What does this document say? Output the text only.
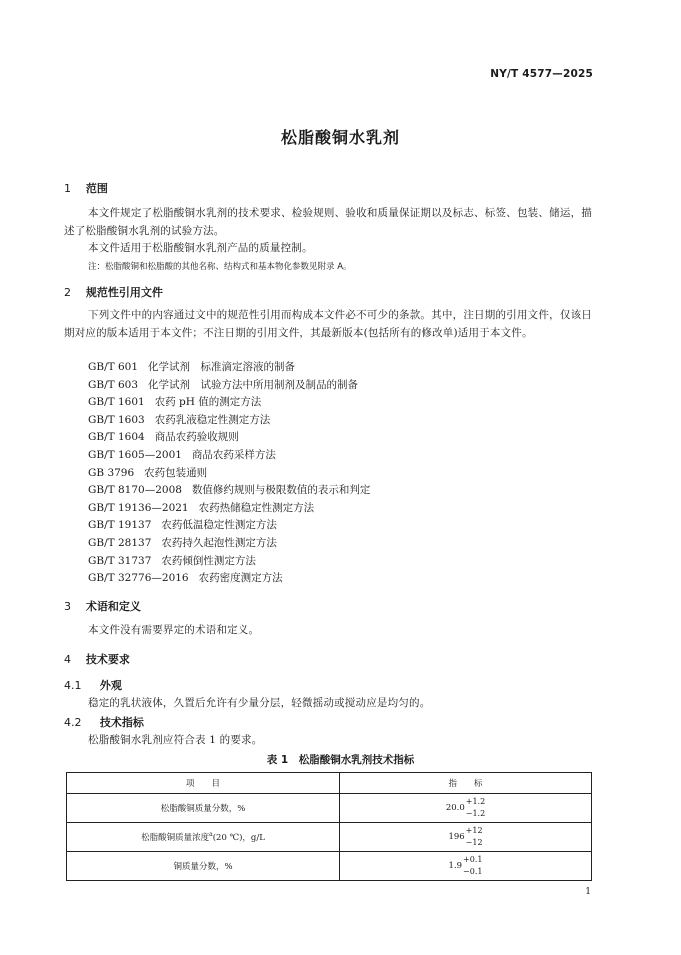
NY/T 4577—2025
松脂酸铜水乳剂
1 范围
本文件规定了松脂酸铜水乳剂的技术要求、检验规则、验收和质量保证期以及标志、标签、包装、储运，描述了松脂酸铜水乳剂的试验方法。
本文件适用于松脂酸铜水乳剂产品的质量控制。
注：松脂酸铜和松脂酸的其他名称、结构式和基本物化参数见附录 A。
2 规范性引用文件
下列文件中的内容通过文中的规范性引用而构成本文件必不可少的条款。其中，注日期的引用文件，仅该日期对应的版本适用于本文件；不注日期的引用文件，其最新版本(包括所有的修改单)适用于本文件。
GB/T 601 化学试剂　标准滴定溶液的制备
GB/T 603 化学试剂　试验方法中所用制剂及制品的制备
GB/T 1601 农药 pH 值的测定方法
GB/T 1603 农药乳液稳定性测定方法
GB/T 1604 商品农药验收规则
GB/T 1605—2001 商品农药采样方法
GB 3796 农药包装通则
GB/T 8170—2008 数值修约规则与极限数值的表示和判定
GB/T 19136—2021 农药热储稳定性测定方法
GB/T 19137 农药低温稳定性测定方法
GB/T 28137 农药持久起泡性测定方法
GB/T 31737 农药倾倒性测定方法
GB/T 32776—2016 农药密度测定方法
3 术语和定义
本文件没有需要界定的术语和定义。
4 技术要求
4.1 外观
稳定的乳状液体，久置后允许有少量分层，轻微摇动或搅动应是均匀的。
4.2 技术指标
松脂酸铜水乳剂应符合表 1 的要求。
表 1　松脂酸铜水乳剂技术指标
项　　目	指　　标
松脂酸铜质量分数，%	20.0
+1.2
−1.2

松脂酸铜质量浓度$^a$(20 ℃)，g/L	196
+12
−12

铜质量分数，%	1.9
+0.1
−0.1
1
